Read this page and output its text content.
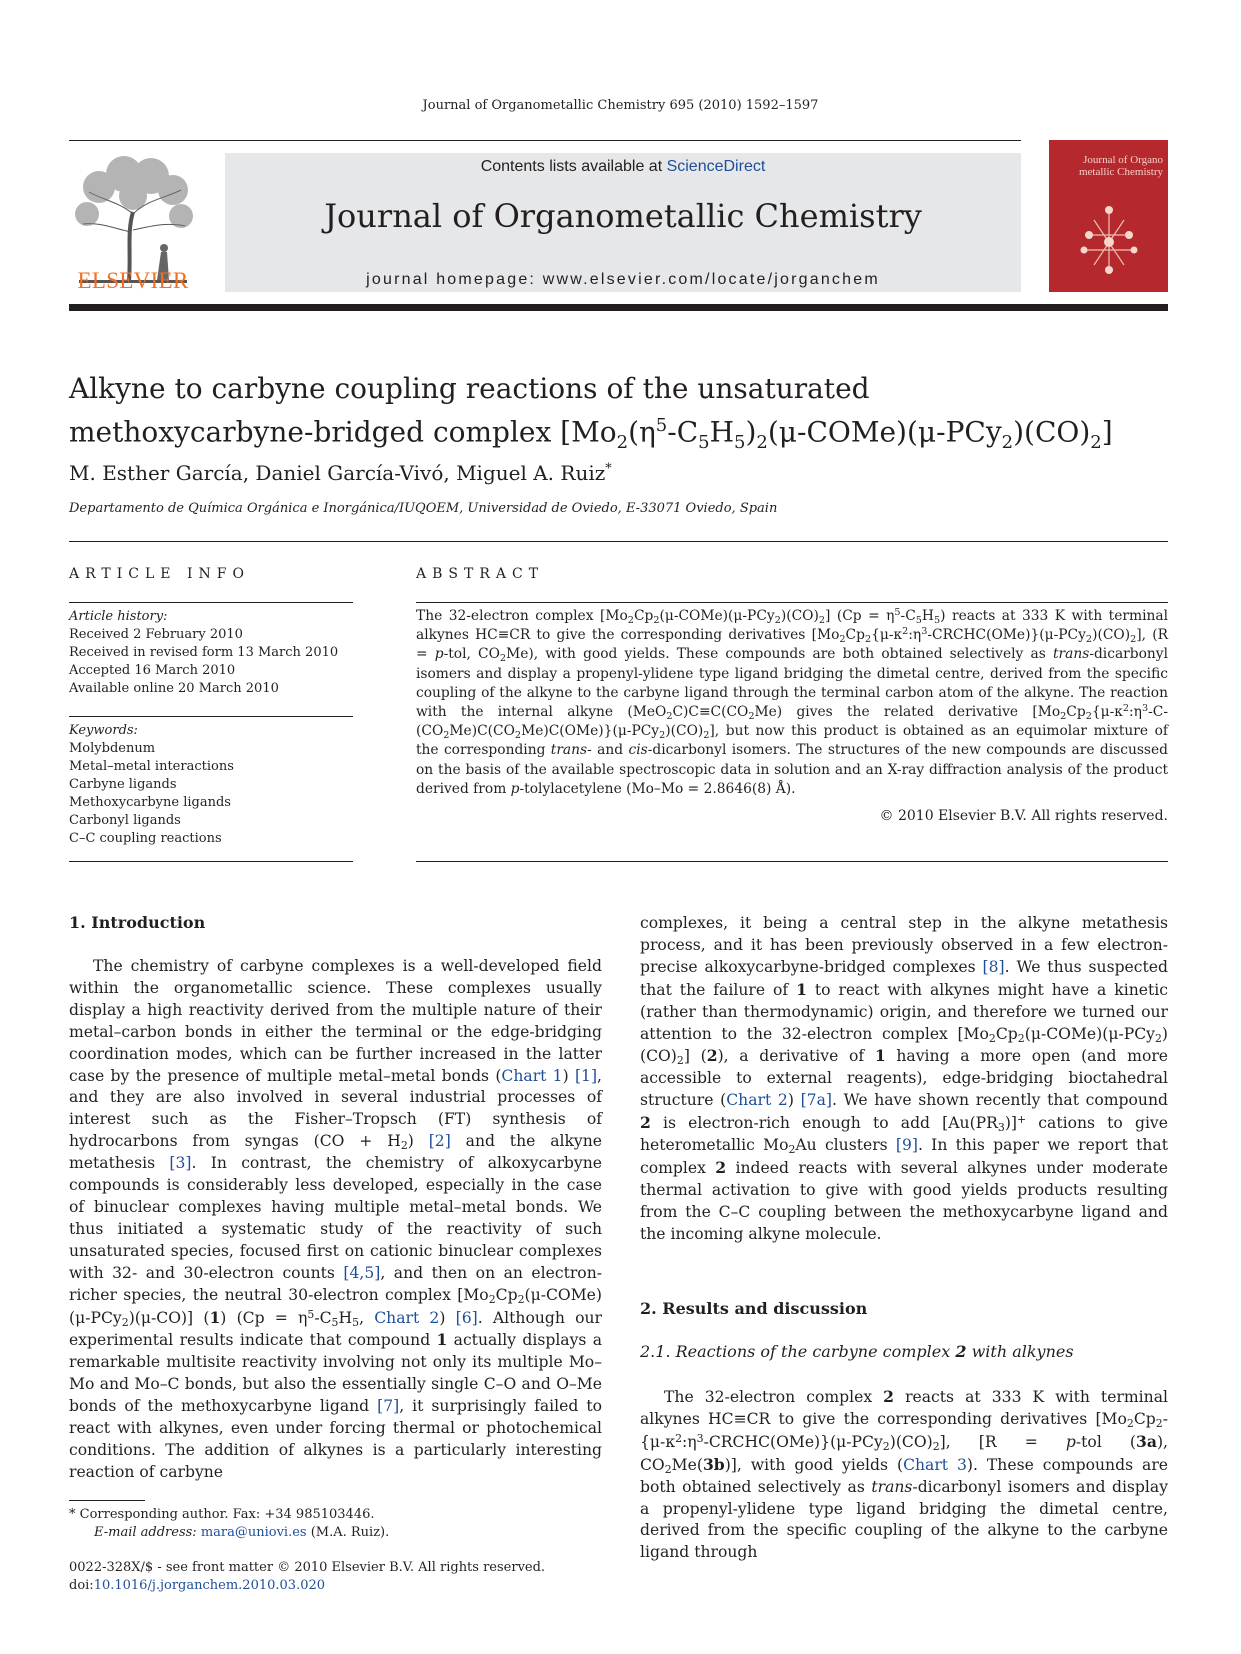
Journal of Organometallic Chemistry 695 (2010) 1592–1597
ELSEVIER
Contents lists available at ScienceDirect
Journal of Organometallic Chemistry
journal homepage: www.elsevier.com/locate/jorganchem
Journal of Organo metallic Chemistry
Alkyne to carbyne coupling reactions of the unsaturated
methoxycarbyne-bridged complex $[Mo_2(\eta^5-C_5H_5)_2(\mu-COMe)(\mu-PCy_2)(CO)_2]$
M. Esther García, Daniel García-Vivó, Miguel A. Ruiz*
Departamento de Química Orgánica e Inorgánica/IUQOEM, Universidad de Oviedo, E-33071 Oviedo, Spain
ARTICLE INFO
Article history:
Received 2 February 2010
Received in revised form 13 March 2010
Accepted 16 March 2010
Available online 20 March 2010
Keywords:
Molybdenum
Metal–metal interactions
Carbyne ligands
Methoxycarbyne ligands
Carbonyl ligands
C–C coupling reactions
ABSTRACT
The 32-electron complex $[Mo_2Cp_2(\mu-COMe)(\mu-PCy_2)(CO)_2] (Cp = \eta^5-C_5H_5)$ reacts at 333 K with terminal alkynes HC≡CR to give the corresponding derivatives $[Mo_2Cp_2\{\mu-\kappa^2:\eta^3-CRCHC(OMe)\}(\mu-PCy_2)(CO)_2]$, (R = p-tol, $CO_2Me$), with good yields. These compounds are both obtained selectively as trans-dicarbonyl isomers and display a propenyl-ylidene type ligand bridging the dimetal centre, derived from the specific coupling of the alkyne to the carbyne ligand through the terminal carbon atom of the alkyne. The reaction with the internal alkyne $(MeO_2C)C\equiv C(CO_2Me)$ gives the related derivative $[Mo_2Cp_2\{\mu-\kappa^2:\eta^3-C-(CO_2Me)C(CO_2Me)C(OMe)\}(\mu-PCy_2)(CO)_2]$, but now this product is obtained as an equimolar mixture of the corresponding trans- and cis-dicarbonyl isomers. The structures of the new compounds are discussed on the basis of the available spectroscopic data in solution and an X-ray diffraction analysis of the product derived from p-tolylacetylene (Mo–Mo = 2.8646(8) Å).
© 2010 Elsevier B.V. All rights reserved.
1. Introduction

The chemistry of carbyne complexes is a well-developed field within the organometallic science. These complexes usually display a high reactivity derived from the multiple nature of their metal–carbon bonds in either the terminal or the edge-bridging coordination modes, which can be further increased in the latter case by the presence of multiple metal–metal bonds (Chart 1) [1], and they are also involved in several industrial processes of interest such as the Fisher–Tropsch (FT) synthesis of hydrocarbons from syngas $(CO + H_2)$ [2] and the alkyne metathesis [3]. In contrast, the chemistry of alkoxycarbyne compounds is considerably less developed, especially in the case of binuclear complexes having multiple metal–metal bonds. We thus initiated a systematic study of the reactivity of such unsaturated species, focused first on cationic binuclear complexes with 32- and 30-electron counts [4,5], and then on an electron-richer species, the neutral 30-electron complex $[Mo_2Cp_2(\mu-COMe)(\mu-PCy_2)(\mu-CO)]$ (1) ($Cp = \eta^5-C_5H_5$, Chart 2) [6]. Although our experimental results indicate that compound 1 actually displays a remarkable multisite reactivity involving not only its multiple Mo–Mo and Mo–C bonds, but also the essentially single C–O and O–Me bonds of the methoxycarbyne ligand [7], it surprisingly failed to react with alkynes, even under forcing thermal or photochemical conditions. The addition of alkynes is a particularly interesting reaction of carbyne

complexes, it being a central step in the alkyne metathesis process, and it has been previously observed in a few electron-precise alkoxycarbyne-bridged complexes [8]. We thus suspected that the failure of 1 to react with alkynes might have a kinetic (rather than thermodynamic) origin, and therefore we turned our attention to the 32-electron complex $[Mo_2Cp_2(\mu-COMe)(\mu-PCy_2)(CO)_2]$ (2), a derivative of 1 having a more open (and more accessible to external reagents), edge-bridging bioctahedral structure (Chart 2) [7a]. We have shown recently that compound 2 is electron-rich enough to add $[Au(PR_3)]^+$ cations to give heterometallic $Mo_2Au$ clusters [9]. In this paper we report that complex 2 indeed reacts with several alkynes under moderate thermal activation to give with good yields products resulting from the C–C coupling between the methoxycarbyne ligand and the incoming alkyne molecule.
2. Results and discussion
2.1. Reactions of the carbyne complex 2 with alkynes

The 32-electron complex 2 reacts at 333 K with terminal alkynes HC≡CR to give the corresponding derivatives $[Mo_2Cp_2-\{\mu-\kappa^2:\eta^3-CRCHC(OMe)\}(\mu-PCy_2)(CO)_2]$, [R = p-tol (3a), $CO_2Me(3b)$], with good yields (Chart 3). These compounds are both obtained selectively as trans-dicarbonyl isomers and display a propenyl-ylidene type ligand bridging the dimetal centre, derived from the specific coupling of the alkyne to the carbyne ligand through

* Corresponding author. Fax: +34 985103446.
E-mail address: mara@uniovi.es (M.A. Ruiz).
0022-328X/$ - see front matter © 2010 Elsevier B.V. All rights reserved.
doi:10.1016/j.jorganchem.2010.03.020
